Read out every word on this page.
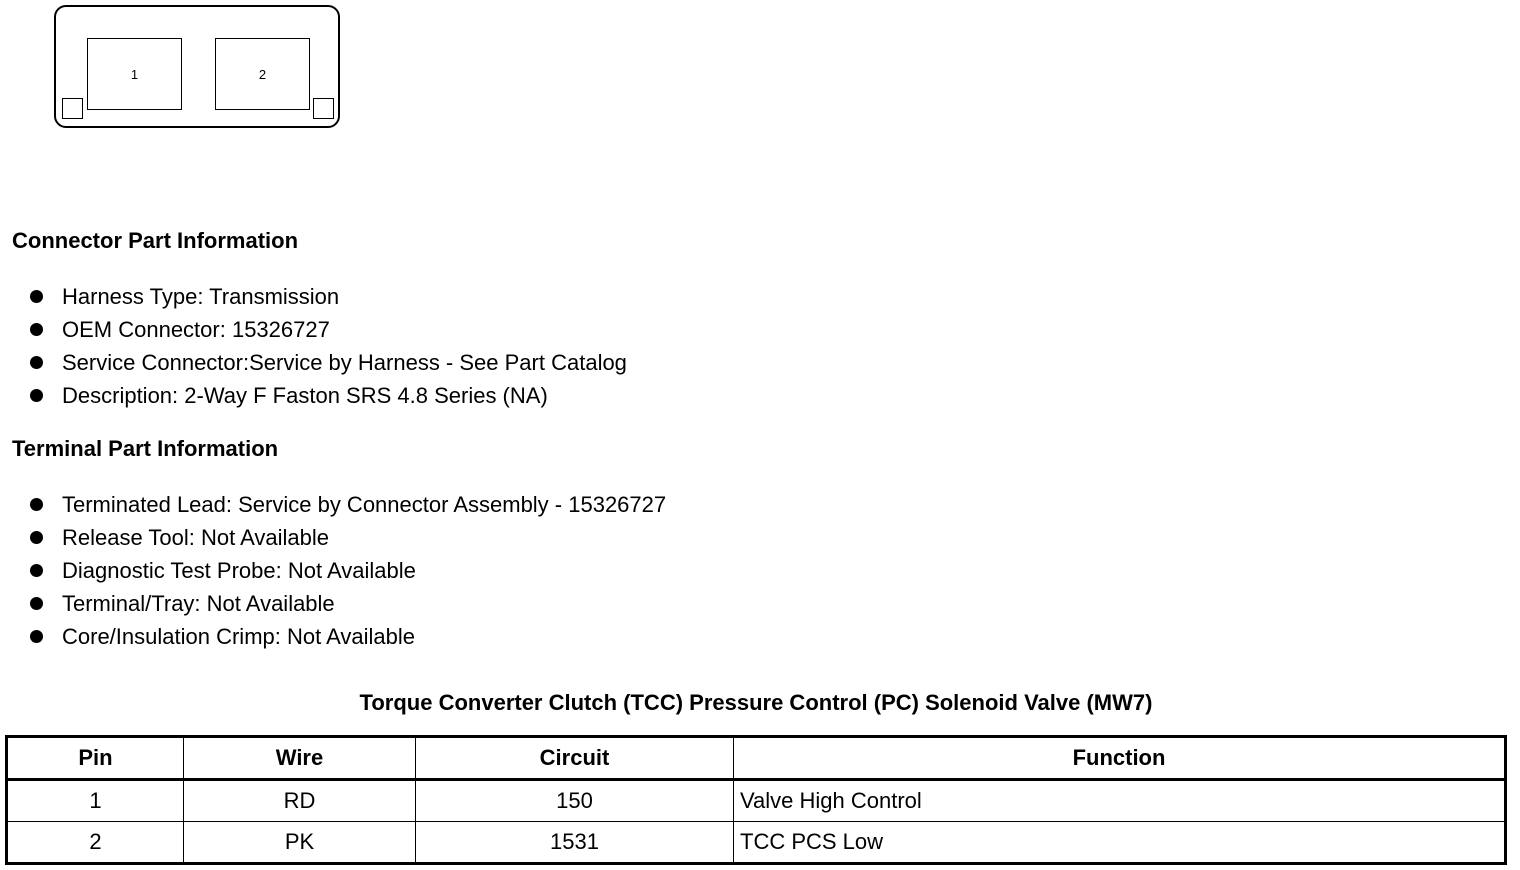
1	2
Connector Part Information
Harness Type: Transmission
OEM Connector: 15326727
Service Connector:Service by Harness - See Part Catalog
Description: 2-Way F Faston SRS 4.8 Series (NA)
Terminal Part Information
Terminated Lead: Service by Connector Assembly - 15326727
Release Tool: Not Available
Diagnostic Test Probe: Not Available
Terminal/Tray: Not Available
Core/Insulation Crimp: Not Available
Torque Converter Clutch (TCC) Pressure Control (PC) Solenoid Valve (MW7)
Pin	Wire	Circuit	Function
1	RD	150	Valve High Control
2	PK	1531	TCC PCS Low
